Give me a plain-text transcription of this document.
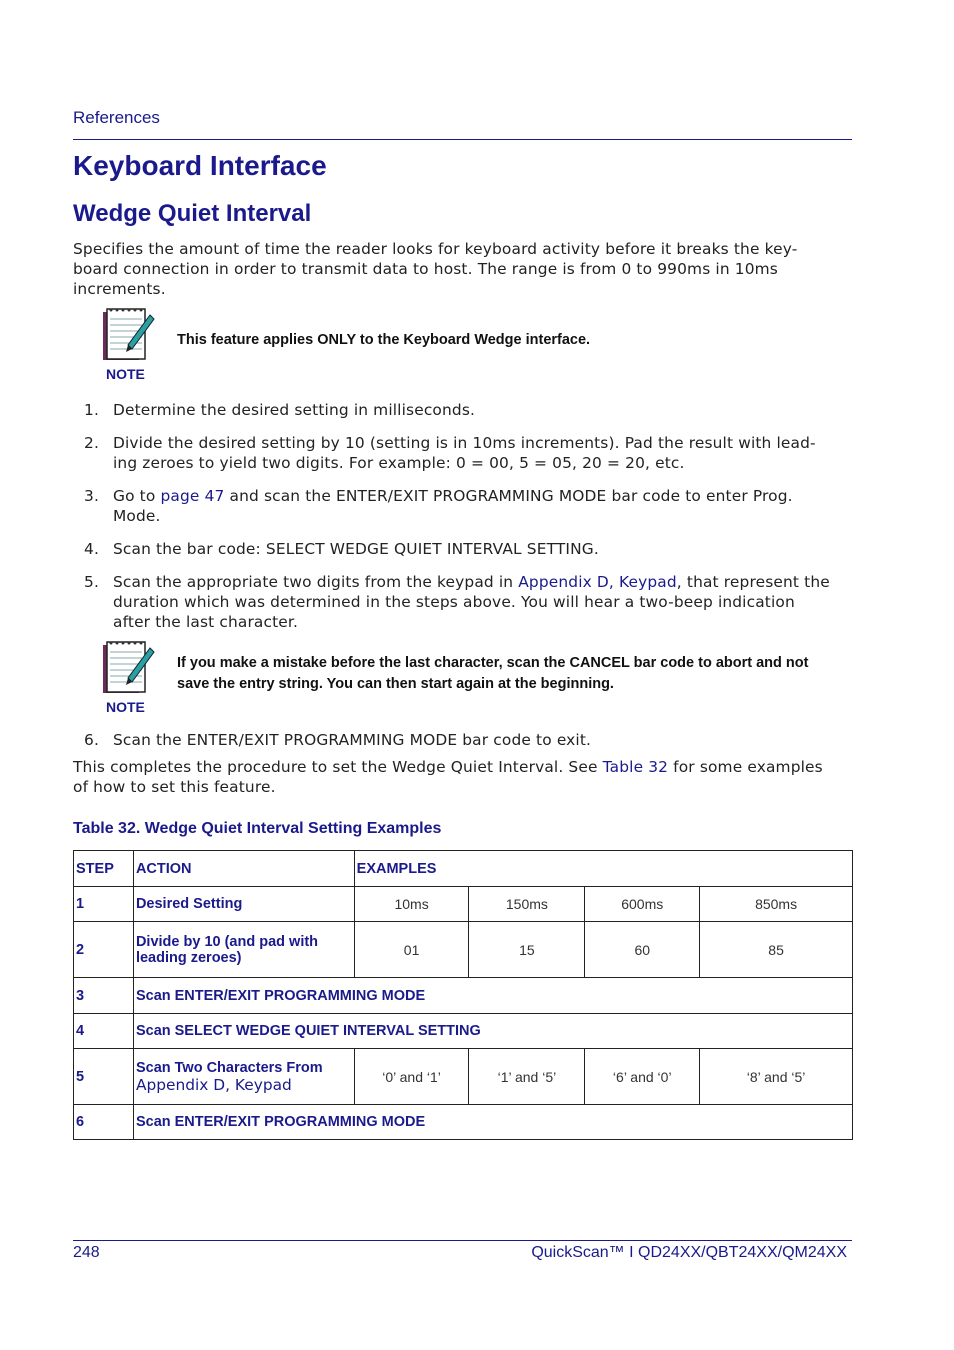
References
Keyboard Interface
Wedge Quiet Interval
Specifies the amount of time the reader looks for keyboard activity before it breaks the key-
board connection in order to transmit data to host. The range is from 0 to 990ms in 10ms
increments.
NOTE
This feature applies ONLY to the Keyboard Wedge interface.
1. Determine the desired setting in milliseconds.
2. Divide the desired setting by 10 (setting is in 10ms increments). Pad the result with lead-
ing zeroes to yield two digits. For example: 0 = 00, 5 = 05, 20 = 20, etc.
3. Go to page 47 and scan the ENTER/EXIT PROGRAMMING MODE bar code to enter Prog.
Mode.
4. Scan the bar code: SELECT WEDGE QUIET INTERVAL SETTING.
5. Scan the appropriate two digits from the keypad in Appendix D, Keypad, that represent the
duration which was determined in the steps above. You will hear a two-beep indication
after the last character.
NOTE
If you make a mistake before the last character, scan the CANCEL bar code to abort and not
save the entry string. You can then start again at the beginning.
6. Scan the ENTER/EXIT PROGRAMMING MODE bar code to exit.
This completes the procedure to set the Wedge Quiet Interval. See Table 32 for some examples
of how to set this feature.
Table 32. Wedge Quiet Interval Setting Examples
STEP	ACTION	EXAMPLES			
1	Desired Setting	10ms	150ms	600ms	850ms
2	Divide by 10 (and pad with
leading zeroes)	01	15	60	85
3	Scan ENTER/EXIT PROGRAMMING MODE				
4	Scan SELECT WEDGE QUIET INTERVAL SETTING				
5	Scan Two Characters From
Appendix D, Keypad	‘0’ and ‘1’	‘1’ and ‘5’	‘6’ and ‘0’	‘8’ and ‘5’
6	Scan ENTER/EXIT PROGRAMMING MODE				
248	QuickScan™ I QD24XX/QBT24XX/QM24XX
